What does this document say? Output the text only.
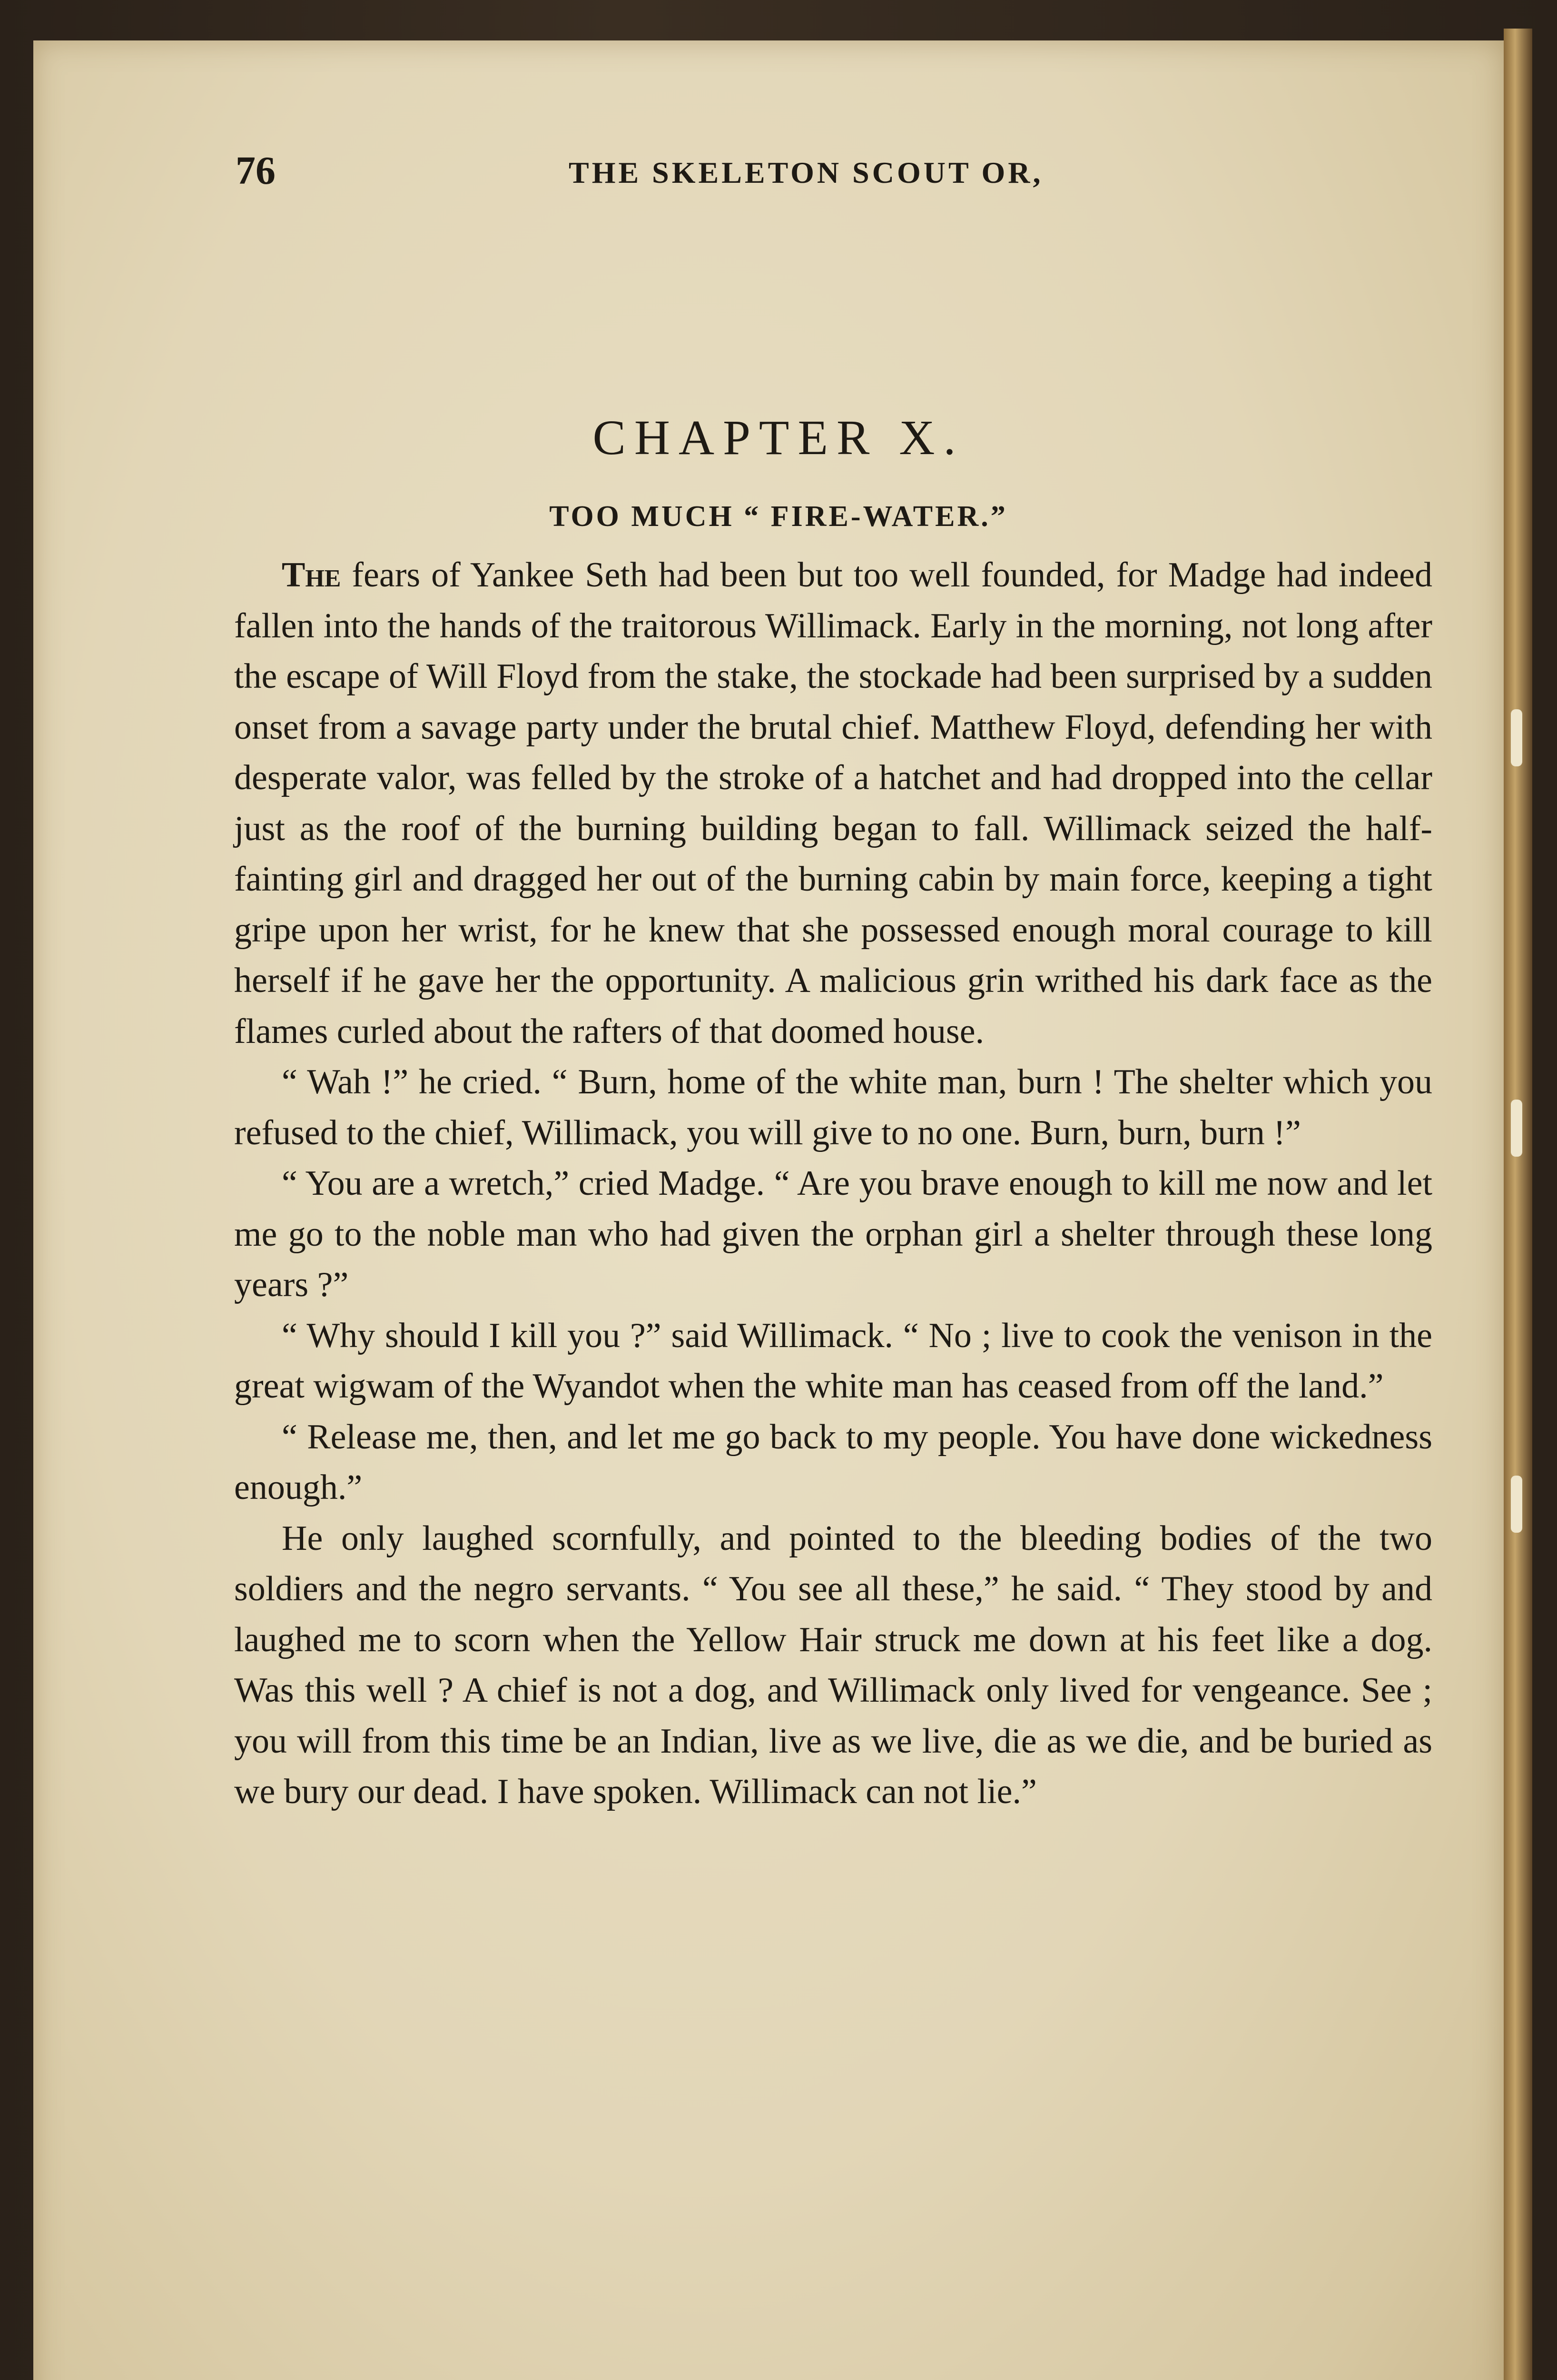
76	THE SKELETON SCOUT OR,
CHAPTER X.
TOO MUCH “ FIRE-WATER.”

The fears of Yankee Seth had been but too well founded, for Madge had indeed fallen into the hands of the traitorous Willimack. Early in the morning, not long after the escape of Will Floyd from the stake, the stockade had been surprised by a sudden onset from a savage party under the brutal chief. Matthew Floyd, defending her with desperate valor, was felled by the stroke of a hatchet and had dropped into the cellar just as the roof of the burning building began to fall. Willimack seized the half-fainting girl and dragged her out of the burning cabin by main force, keeping a tight gripe upon her wrist, for he knew that she possessed enough moral courage to kill herself if he gave her the opportunity. A malicious grin writhed his dark face as the flames curled about the rafters of that doomed house.

“ Wah !” he cried. “ Burn, home of the white man, burn ! The shelter which you refused to the chief, Willimack, you will give to no one. Burn, burn, burn !”

“ You are a wretch,” cried Madge. “ Are you brave enough to kill me now and let me go to the noble man who had given the orphan girl a shelter through these long years ?”

“ Why should I kill you ?” said Willimack. “ No ; live to cook the venison in the great wigwam of the Wyandot when the white man has ceased from off the land.”

“ Release me, then, and let me go back to my people. You have done wickedness enough.”

He only laughed scornfully, and pointed to the bleeding bodies of the two soldiers and the negro servants. “ You see all these,” he said. “ They stood by and laughed me to scorn when the Yellow Hair struck me down at his feet like a dog. Was this well ? A chief is not a dog, and Willimack only lived for vengeance. See ; you will from this time be an Indian, live as we live, die as we die, and be buried as we bury our dead. I have spoken. Willimack can not lie.”
